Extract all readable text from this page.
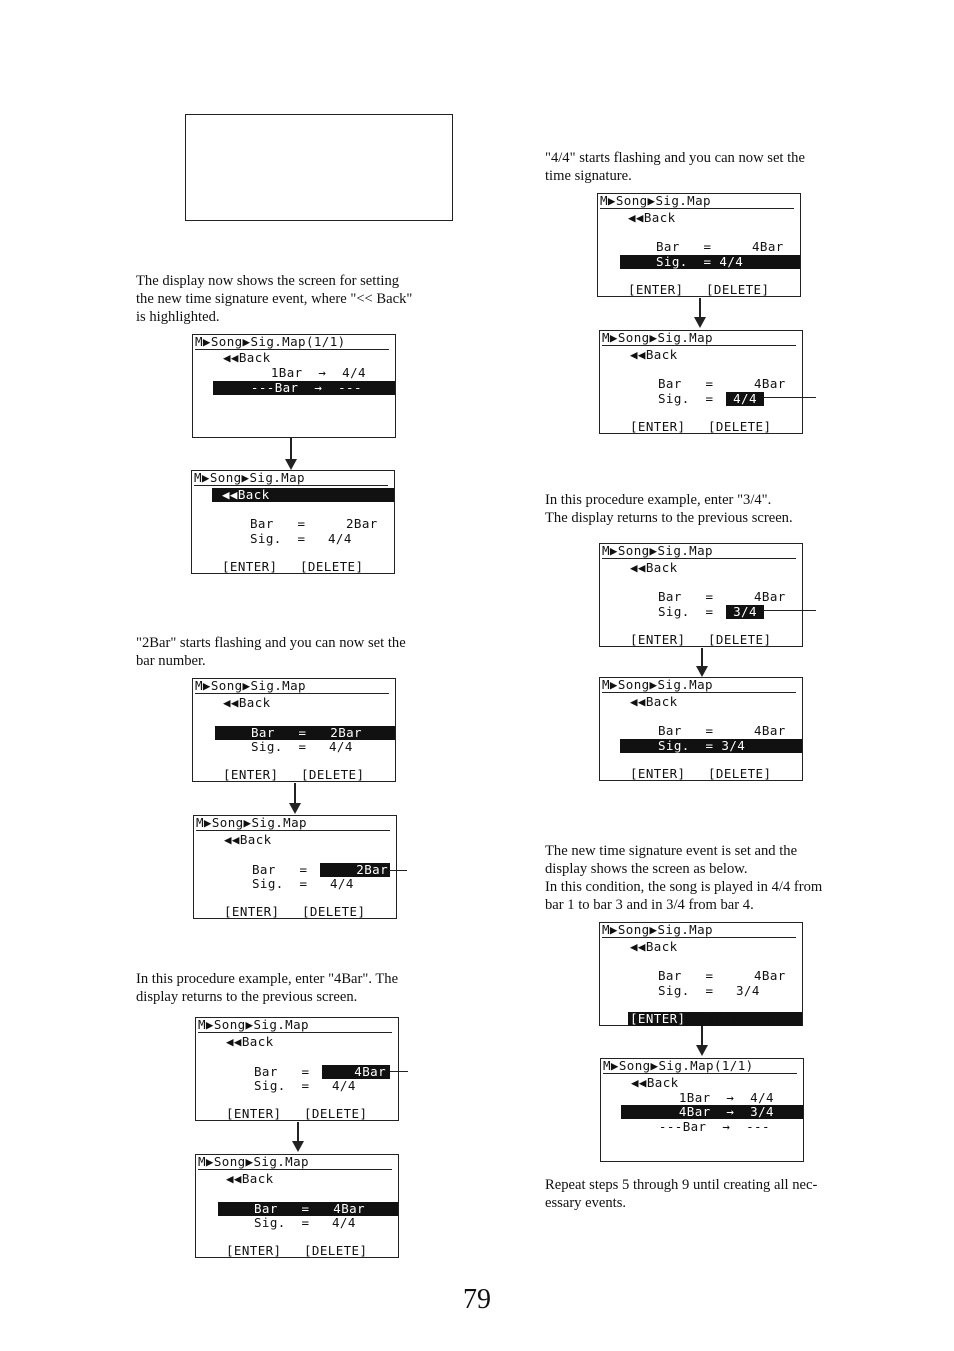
The display now shows the screen for setting
the new time signature event, where "<< Back"
is highlighted.

"2Bar" starts flashing and you can now set the
bar number.

In this procedure example, enter "4Bar". The
display returns to the previous screen.

M▶Song▶Sig.Map(1/1)
◀◀Back
1Bar  →  4/4
---Bar  →  ---
M▶Song▶Sig.Map
◀◀Back
Bar   =	2Bar
Sig.  = 4/4
[ENTER] [DELETE]
M▶Song▶Sig.Map
◀◀Back
Bar   = 2Bar
Sig.  = 4/4
[ENTER] [DELETE]
M▶Song▶Sig.Map
◀◀Back
Bar   =	2Bar
Sig.  = 4/4
[ENTER] [DELETE]
M▶Song▶Sig.Map
◀◀Back
Bar   =	4Bar
Sig.  = 4/4
[ENTER] [DELETE]
M▶Song▶Sig.Map
◀◀Back
Bar   = 4Bar
Sig.  = 4/4
[ENTER] [DELETE]

"4/4" starts flashing and you can now set the
time signature.

In this procedure example, enter "3/4".
The display returns to the previous screen.

The new time signature event is set and the
display shows the screen as below.
In this condition, the song is played in 4/4 from
bar 1 to bar 3 and in 3/4 from bar 4.

Repeat steps 5 through 9 until creating all nec-
essary events.

M▶Song▶Sig.Map
◀◀Back
Bar   =	4Bar
Sig.  = 4/4
[ENTER] [DELETE]
M▶Song▶Sig.Map
◀◀Back
Bar   =	4Bar
Sig.  =	4/4
[ENTER] [DELETE]
M▶Song▶Sig.Map
◀◀Back
Bar   =	4Bar
Sig.  =	3/4
[ENTER] [DELETE]
M▶Song▶Sig.Map
◀◀Back
Bar   =	4Bar
Sig.  = 3/4
[ENTER] [DELETE]
M▶Song▶Sig.Map
◀◀Back
Bar   =	4Bar
Sig.  = 3/4
[ENTER]	[DELETE]
M▶Song▶Sig.Map(1/1)
◀◀Back
1Bar  →  4/4
4Bar  →  3/4
---Bar  →  ---
79
